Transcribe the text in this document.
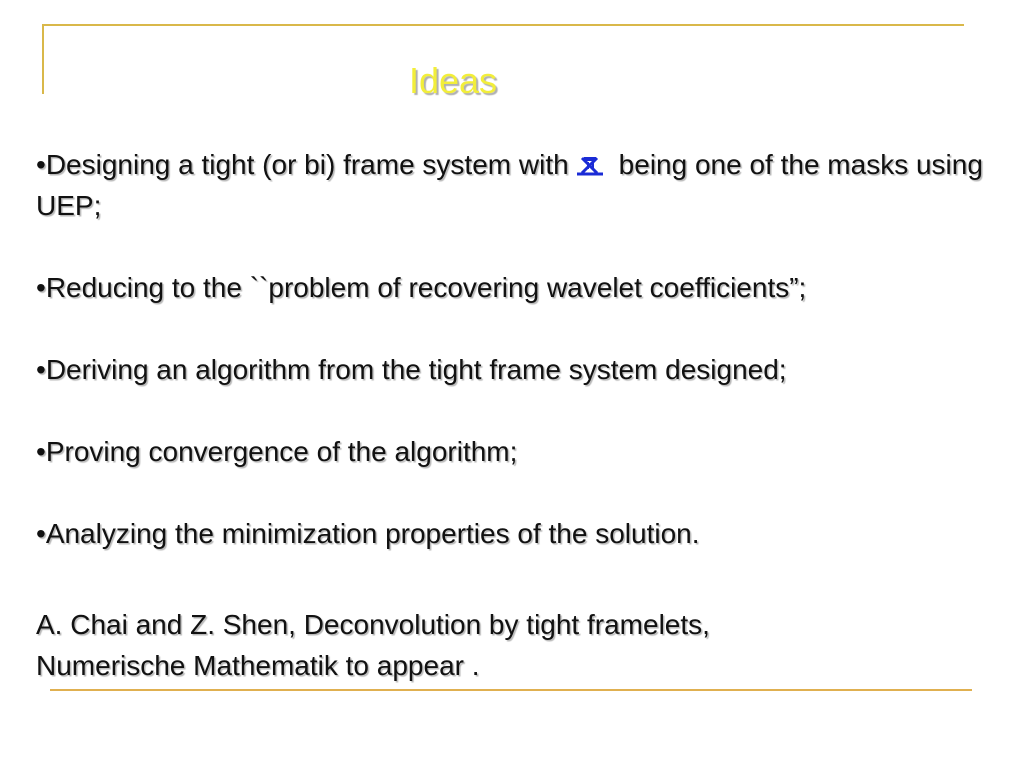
Ideas

•Designing a tight (or bi) frame system with being one of the masks using UEP;

•Reducing to the ``problem of recovering wavelet coefficients”;

•Deriving an algorithm from the tight frame system designed;

•Proving convergence of the algorithm;

•Analyzing the minimization properties of the solution.

A. Chai and Z. Shen, Deconvolution by tight framelets,
Numerische Mathematik to appear .
